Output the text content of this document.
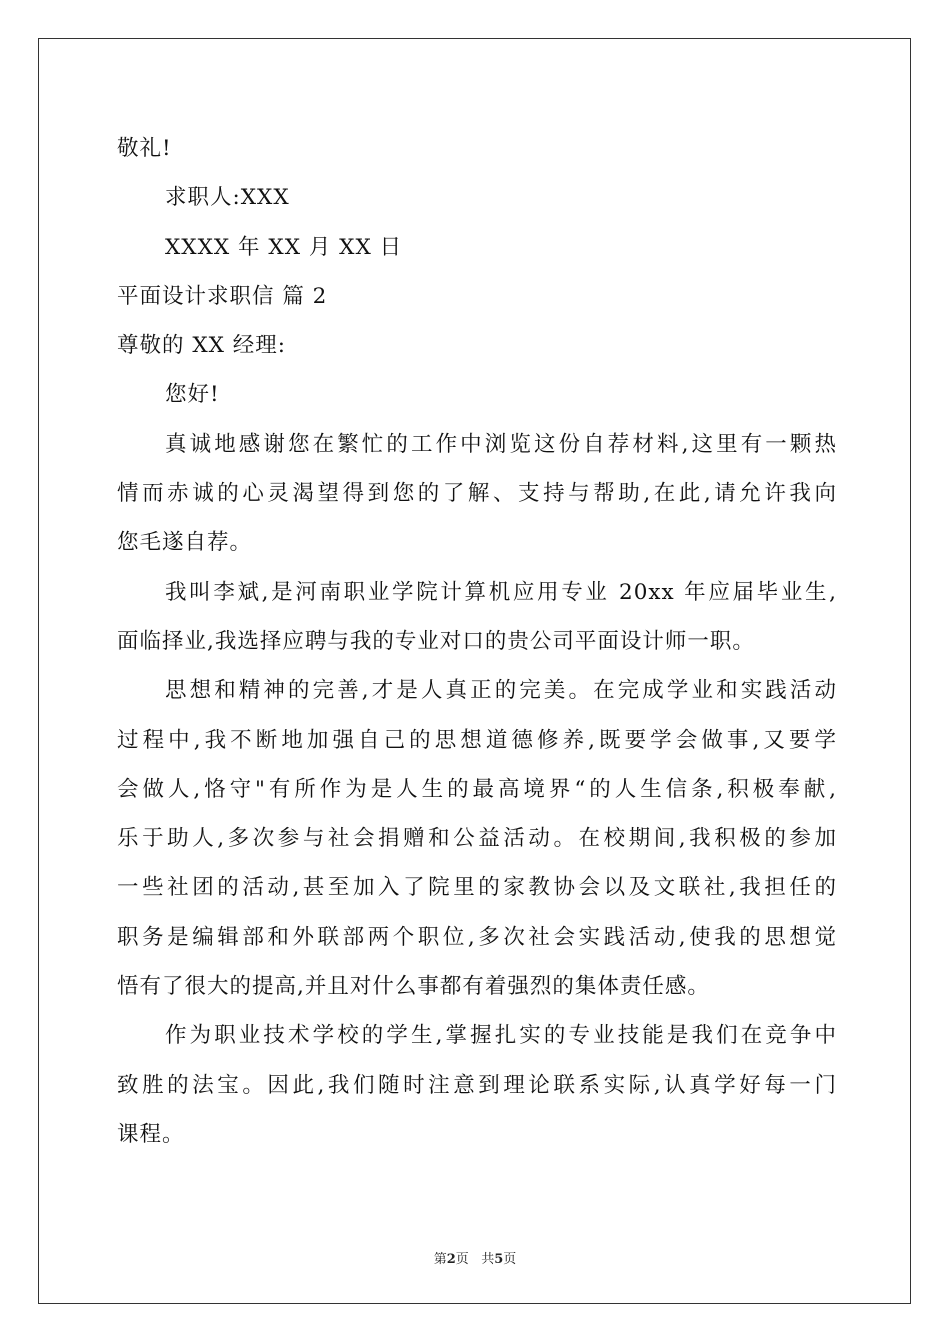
敬礼!

求职人:XXX

XXXX 年 XX 月 XX 日

平面设计求职信 篇 2

尊敬的 XX 经理:

您好!

真诚地感谢您在繁忙的工作中浏览这份自荐材料,这里有一颗热

情而赤诚的心灵渴望得到您的了解、支持与帮助,在此,请允许我向

您毛遂自荐。

我叫李斌,是河南职业学院计算机应用专业 20xx 年应届毕业生,

面临择业,我选择应聘与我的专业对口的贵公司平面设计师一职。

思想和精神的完善,才是人真正的完美。在完成学业和实践活动

过程中,我不断地加强自己的思想道德修养,既要学会做事,又要学

会做人,恪守"有所作为是人生的最高境界“的人生信条,积极奉献,

乐于助人,多次参与社会捐赠和公益活动。在校期间,我积极的参加

一些社团的活动,甚至加入了院里的家教协会以及文联社,我担任的

职务是编辑部和外联部两个职位,多次社会实践活动,使我的思想觉

悟有了很大的提高,并且对什么事都有着强烈的集体责任感。

作为职业技术学校的学生,掌握扎实的专业技能是我们在竞争中

致胜的法宝。因此,我们随时注意到理论联系实际,认真学好每一门

课程。

第2页 共5页
